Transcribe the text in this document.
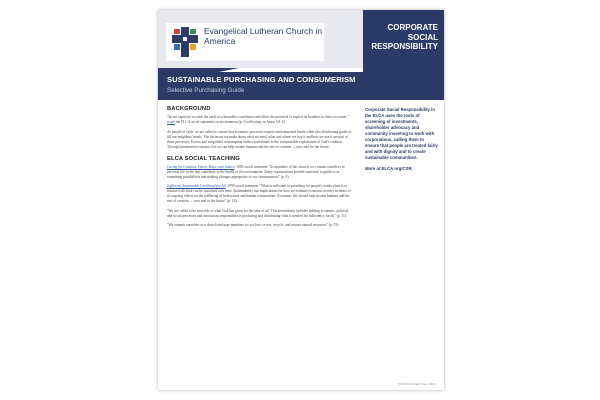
Evangelical Lutheran Church in America
CORPORATE SOCIAL RESPONSIBILITY
SUSTAINABLE PURCHASING AND CONSUMERISM
Selective Purchasing Guide
BACKGROUND

"In our captivity we treat the earth as a boundless warehouse and allow the powerful to exploit its bounties to their own ends," reads the ELCA social statement on environment (p. 3) reflecting on Amos 5:8-13.

As people of faith, we are called to ensure that economic processes respect environmental limits while also distributing goods to fill our neighbors' needs. The decisions we make about what we need, what and where we buy it and how we use it are part of these processes. Excess and misguided consumption further contributes to the irresponsible exploitation of God's creation. Through intentional economic life we can help sustain humans and the rest of creation — now and for the future.

ELCA SOCIAL TEACHING

Caring for Creation: Vision, Hope, and Justice, 1993 social statement "As members of this church, we commit ourselves to personal life styles that contribute to the health of the environment. Many organizations provide materials to guide us in examining possibilities and making changes appropriate to our circumstances" (p. 8).

Sufficient, Sustainable Livelihood for All, 1999 social statement "What is sufficient in providing for people's wants often is in tension with what can be sustained over time. Sustainability has implications for how we evaluate economic activity in terms of its ongoing effects on the wellbeing of both nature and human communities. Economic life should help sustain humans and the rest of creation — now and in the future" (p. 14).

"We are called to be stewards of what God has given for the sake of all. This stewardship includes holding economic, political, and social processes and institutions responsible for producing and distributing what is needed for sufficiency for all" (p. 11).

"We commit ourselves as a church and urge members to: use less, re-use, recycle, and restore natural resources" (p. 15).

Corporate Social Responsibility in the ELCA uses the tools of screening of investments, shareholder advocacy and community investing to work with corporations, calling them to ensure that people are treated fairly and with dignity and to create sustainable communities.

More at ELCA.org/CSR.

INTRODUCED May 2024
